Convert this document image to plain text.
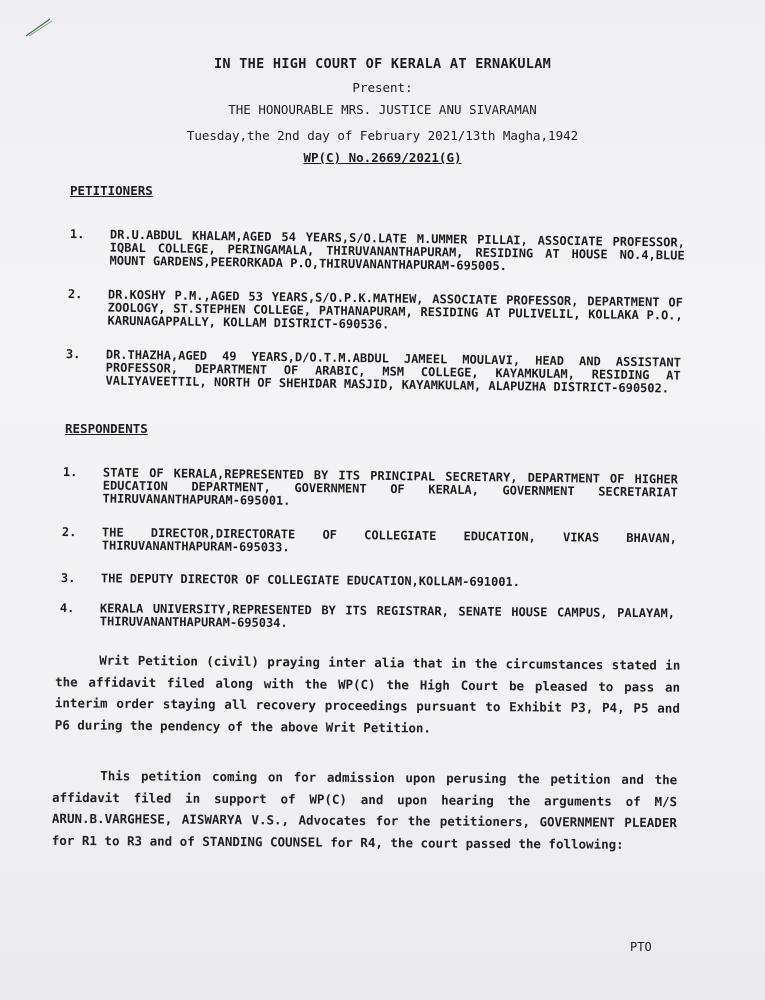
IN THE HIGH COURT OF KERALA AT ERNAKULAM
Present:
THE HONOURABLE MRS. JUSTICE ANU SIVARAMAN
Tuesday,the 2nd day of February 2021/13th Magha,1942
WP(C) No.2669/2021(G)
PETITIONERS
1.	DR.U.ABDUL KHALAM,AGED 54 YEARS,S/O.LATE M.UMMER PILLAI, ASSOCIATE PROFESSOR, IQBAL COLLEGE, PERINGAMALA, THIRUVANANTHAPURAM, RESIDING AT HOUSE NO.4,BLUE MOUNT GARDENS,PEERORKADA P.O,THIRUVANANTHAPURAM-695005.
2.	DR.KOSHY P.M.,AGED 53 YEARS,S/O.P.K.MATHEW, ASSOCIATE PROFESSOR, DEPARTMENT OF ZOOLOGY, ST.STEPHEN COLLEGE, PATHANAPURAM, RESIDING AT PULIVELIL, KOLLAKA P.O., KARUNAGAPPALLY, KOLLAM DISTRICT-690536.
3.	DR.THAZHA,AGED 49 YEARS,D/O.T.M.ABDUL JAMEEL MOULAVI, HEAD AND ASSISTANT PROFESSOR, DEPARTMENT OF ARABIC, MSM COLLEGE, KAYAMKULAM, RESIDING AT VALIYAVEETTIL, NORTH OF SHEHIDAR MASJID, KAYAMKULAM, ALAPUZHA DISTRICT-690502.
RESPONDENTS
1.	STATE OF KERALA,REPRESENTED BY ITS PRINCIPAL SECRETARY, DEPARTMENT OF HIGHER EDUCATION DEPARTMENT, GOVERNMENT OF KERALA, GOVERNMENT SECRETARIAT THIRUVANANTHAPURAM-695001.
2.	THE DIRECTOR,DIRECTORATE OF COLLEGIATE EDUCATION, VIKAS BHAVAN, THIRUVANANTHAPURAM-695033.
3.	THE DEPUTY DIRECTOR OF COLLEGIATE EDUCATION,KOLLAM-691001.
4.	KERALA UNIVERSITY,REPRESENTED BY ITS REGISTRAR, SENATE HOUSE CAMPUS, PALAYAM, THIRUVANANTHAPURAM-695034.
Writ Petition (civil) praying inter alia that in the circumstances stated in the affidavit filed along with the WP(C) the High Court be pleased to pass an interim order staying all recovery proceedings pursuant to Exhibit P3, P4, P5 and P6 during the pendency of the above Writ Petition.
This petition coming on for admission upon perusing the petition and the affidavit filed in support of WP(C) and upon hearing the arguments of M/S ARUN.B.VARGHESE, AISWARYA V.S., Advocates for the petitioners, GOVERNMENT PLEADER for R1 to R3 and of STANDING COUNSEL for R4, the court passed the following:
PTO
